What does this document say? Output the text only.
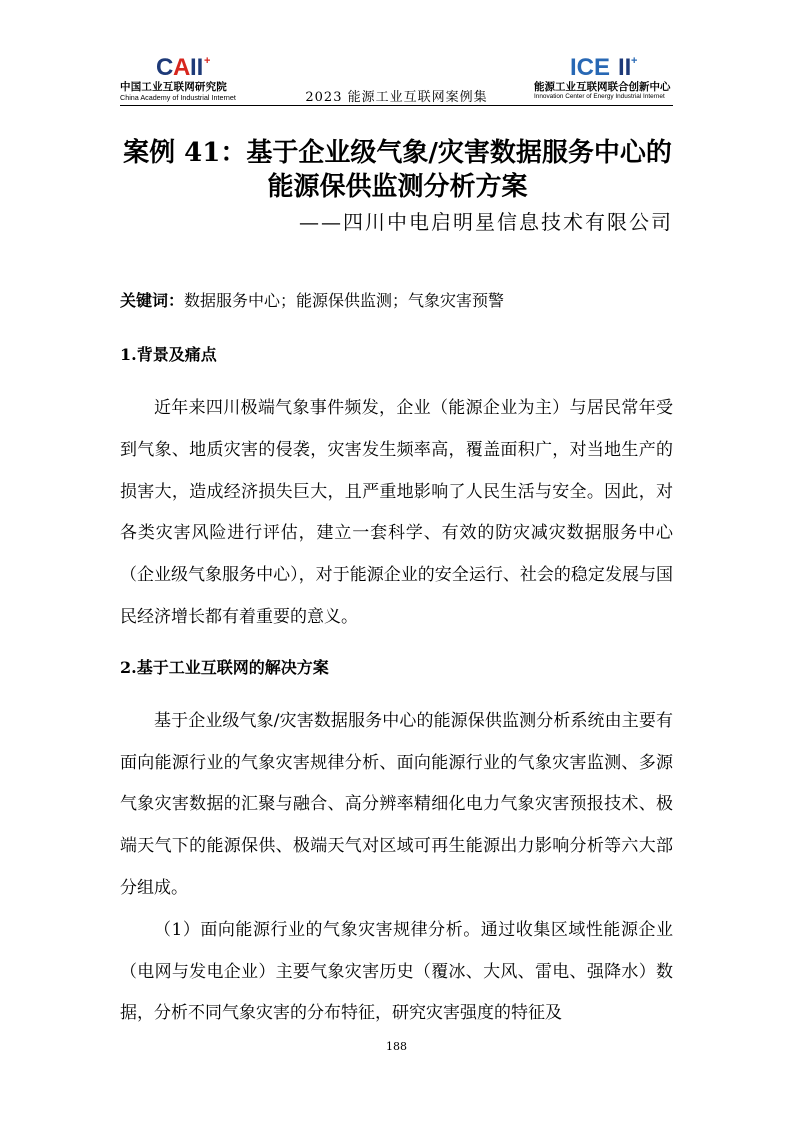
C A II +
中国工业互联网研究院
China Academy of Industrial Internet	2023 能源工业互联网案例集
ICE II +
能源工业互联网联合创新中心
Innovation Center of Energy Industrial Internet
案例 41：基于企业级气象/灾害数据服务中心的能源保供监测分析方案
——四川中电启明星信息技术有限公司

关键词：数据服务中心；能源保供监测；气象灾害预警

1.背景及痛点

近年来四川极端气象事件频发，企业（能源企业为主）与居民常年受到气象、地质灾害的侵袭，灾害发生频率高，覆盖面积广，对当地生产的损害大，造成经济损失巨大，且严重地影响了人民生活与安全。因此，对各类灾害风险进行评估，建立一套科学、有效的防灾减灾数据服务中心（企业级气象服务中心），对于能源企业的安全运行、社会的稳定发展与国民经济增长都有着重要的意义。

2.基于工业互联网的解决方案

基于企业级气象/灾害数据服务中心的能源保供监测分析系统由主要有面向能源行业的气象灾害规律分析、面向能源行业的气象灾害监测、多源气象灾害数据的汇聚与融合、高分辨率精细化电力气象灾害预报技术、极端天气下的能源保供、极端天气对区域可再生能源出力影响分析等六大部分组成。

（1）面向能源行业的气象灾害规律分析。通过收集区域性能源企业（电网与发电企业）主要气象灾害历史（覆冰、大风、雷电、强降水）数据，分析不同气象灾害的分布特征，研究灾害强度的特征及

188
